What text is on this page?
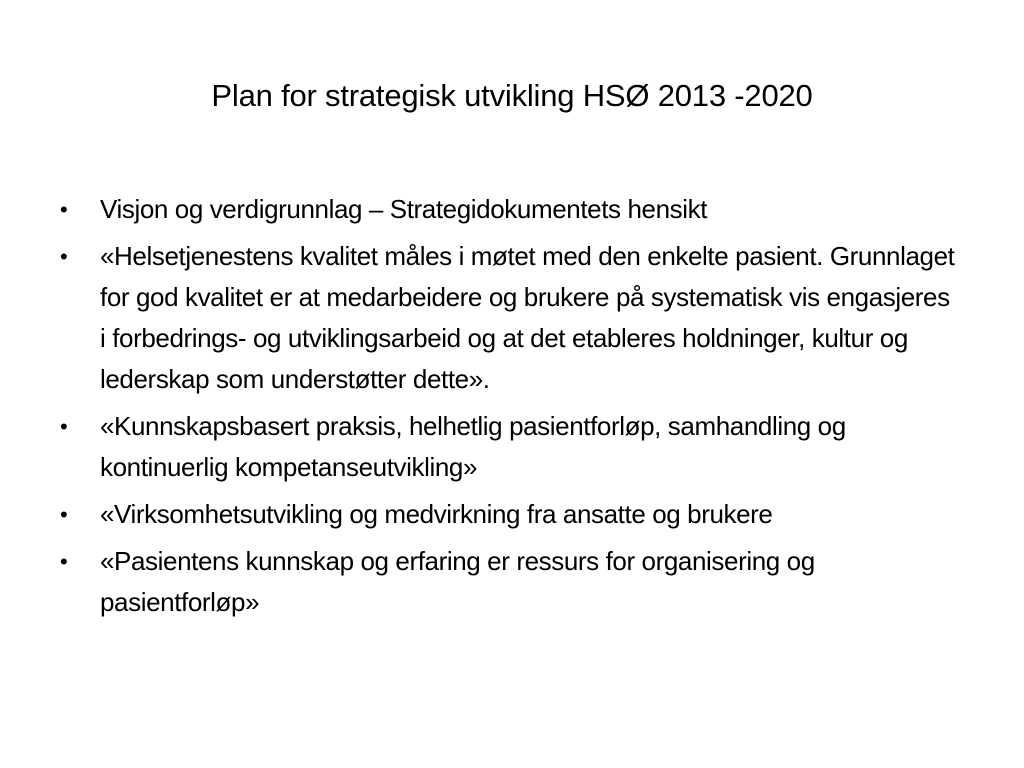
Plan for strategisk utvikling HSØ 2013 -2020
•	Visjon og verdigrunnlag – Strategidokumentets hensikt
•	«Helsetjenestens kvalitet måles i møtet med den enkelte pasient. Grunnlaget for god kvalitet er at medarbeidere og brukere på systematisk vis engasjeres i forbedrings- og utviklingsarbeid og at det etableres holdninger, kultur og lederskap som understøtter dette».
•	«Kunnskapsbasert praksis, helhetlig pasientforløp, samhandling og kontinuerlig kompetanseutvikling»
•	«Virksomhetsutvikling og medvirkning fra ansatte og brukere
•	«Pasientens kunnskap og erfaring er ressurs for organisering og pasientforløp»
